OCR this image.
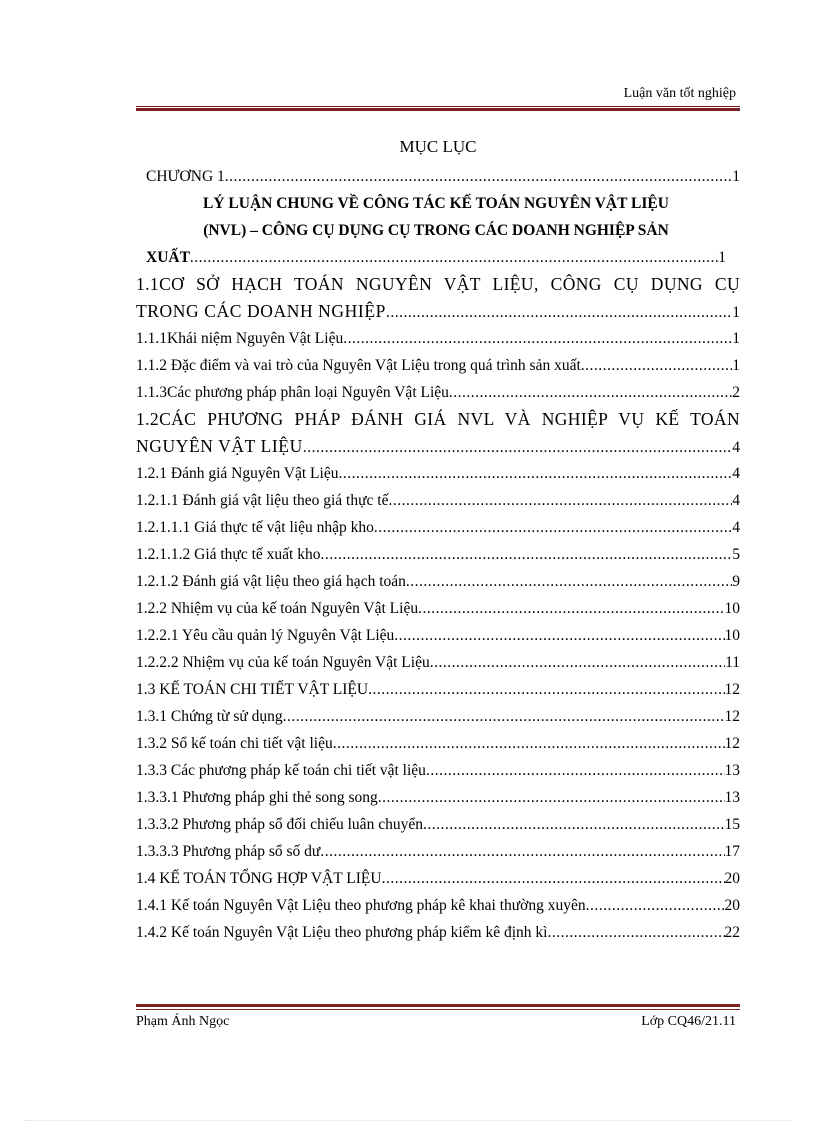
Luận văn tốt nghiệp
MỤC LỤC
CHƯƠNG 1 .....	1
LÝ LUẬN CHUNG VỀ CÔNG TÁC KẾ TOÁN NGUYÊN VẬT LIỆU
(NVL) – CÔNG CỤ DỤNG CỤ TRONG CÁC DOANH NGHIỆP SẢN
XUẤT .....	1
1.1CƠ SỞ HẠCH TOÁN NGUYÊN VẬT LIỆU, CÔNG CỤ DỤNG CỤ
TRONG CÁC DOANH NGHIỆP .....	1
1.1.1Khái niệm Nguyên Vật Liệu .....	1
1.1.2 Đặc điểm và vai trò của Nguyên Vật Liệu trong quá trình sản xuất .....	1
1.1.3Các phương pháp phân loại Nguyên Vật Liệu .....	2
1.2CÁC PHƯƠNG PHÁP ĐÁNH GIÁ NVL VÀ NGHIỆP VỤ KẾ TOÁN
NGUYÊN VẬT LIỆU .....	4
1.2.1 Đánh giá Nguyên Vật Liệu .....	4
1.2.1.1 Đánh giá vật liệu theo giá thực tế .....	4
1.2.1.1.1 Giá thực tế vật liệu nhập kho .....	4
1.2.1.1.2 Giá thực tế xuất kho .....	5
1.2.1.2 Đánh giá vật liệu theo giá hạch toán .....	9
1.2.2 Nhiệm vụ của kế toán Nguyên Vật Liệu .....	10
1.2.2.1 Yêu cầu quản lý Nguyên Vật Liệu .....	10
1.2.2.2 Nhiệm vụ của kế toán Nguyên Vật Liệu .....	11
1.3 KẾ TOÁN CHI TIẾT VẬT LIỆU .....	12
1.3.1 Chứng từ sử dụng .....	12
1.3.2 Sổ kế toán chi tiết vật liệu .....	12
1.3.3 Các phương pháp kế toán chi tiết vật liệu .....	13
1.3.3.1 Phương pháp ghi thẻ song song .....	13
1.3.3.2 Phương pháp sổ đối chiếu luân chuyển .....	15
1.3.3.3 Phương pháp sổ số dư .....	17
1.4 KẾ TOÁN TỔNG HỢP VẬT LIỆU .....	20
1.4.1 Kế toán Nguyên Vật Liệu theo phương pháp kê khai thường xuyên .....	20
1.4.2 Kế toán Nguyên Vật Liệu theo phương pháp kiểm kê định kì .....	22
Phạm Ánh Ngọc	Lớp CQ46/21.11
